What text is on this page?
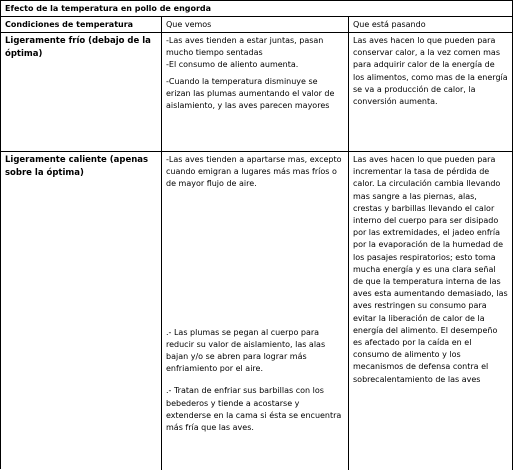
Efecto de la temperatura en pollo de engorda
Condiciones de temperatura	Que vemos	Que está pasando
Ligeramente frío (debajo de la óptima)

-Las aves tienden a estar juntas, pasan mucho tiempo sentadas

-El consumo de aliento aumenta.

-Cuando la temperatura disminuye se erizan las plumas aumentando el valor de aislamiento, y las aves parecen mayores

Las aves hacen lo que pueden para conservar calor, a la vez comen mas para adquirir calor de la energía de los alimentos, como mas de la energía se va a producción de calor, la conversión aumenta.
Ligeramente caliente (apenas sobre la óptima)

-Las aves tienden a apartarse mas, excepto cuando emigran a lugares más mas fríos o de mayor flujo de aire.

.- Las plumas se pegan al cuerpo para reducir su valor de aislamiento, las alas bajan y/o se abren para lograr más enfriamiento por el aire.

.- Tratan de enfriar sus barbillas con los bebederos y tiende a acostarse y extenderse en la cama si ésta se encuentra más fría que las aves.

Las aves hacen lo que pueden para incrementar la tasa de pérdida de calor. La circulación cambia llevando mas sangre a las piernas, alas, crestas y barbillas llevando el calor interno del cuerpo para ser disipado por las extremidades, el jadeo enfría por la evaporación de la humedad de los pasajes respiratorios; esto toma mucha energía y es una clara señal de que la temperatura interna de las aves esta aumentando demasiado, las aves restringen su consumo para evitar la liberación de calor de la energía del alimento. El desempeño es afectado por la caída en el consumo de alimento y los mecanismos de defensa contra el sobrecalentamiento de las aves
